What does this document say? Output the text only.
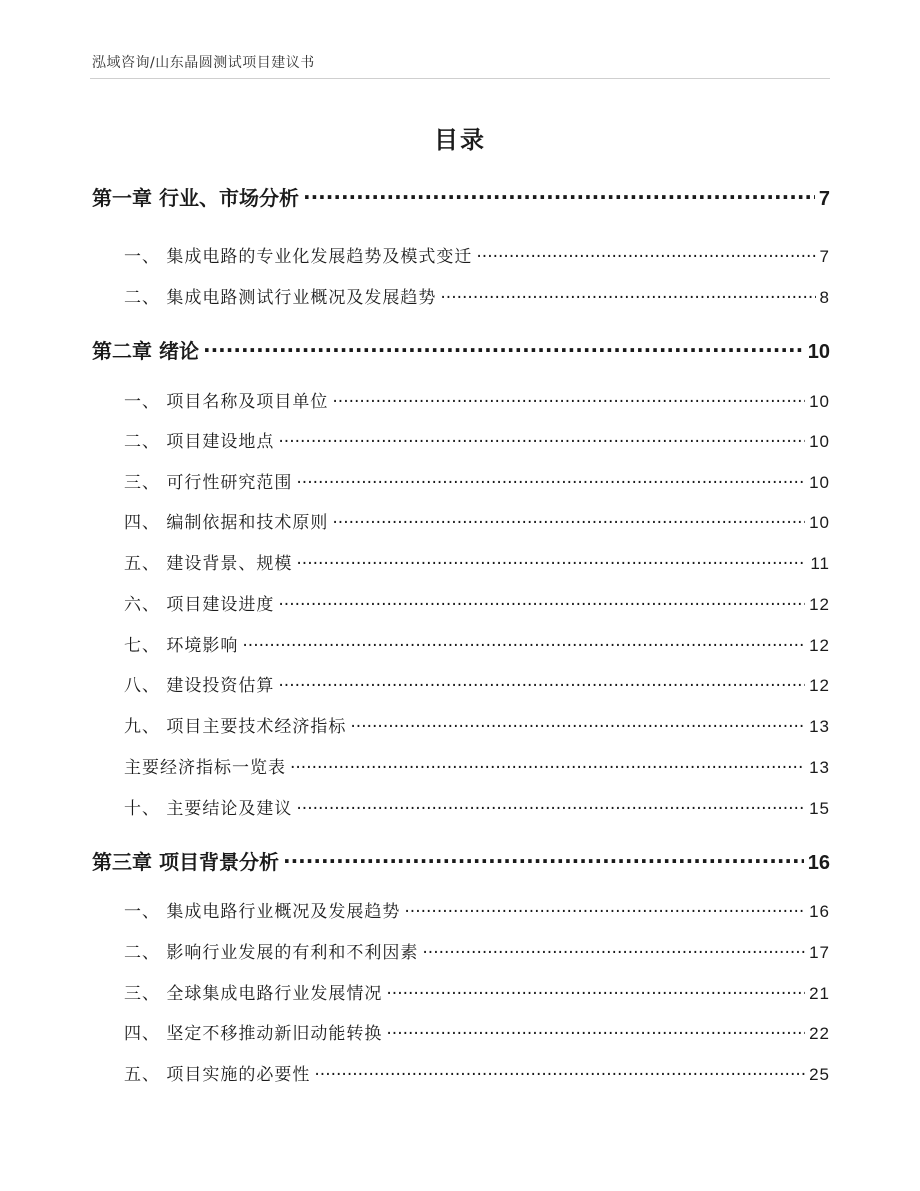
泓域咨询/山东晶圆测试项目建议书
目录
第一章 行业、市场分析 .....	7
一、 集成电路的专业化发展趋势及模式变迁 .....	7
二、 集成电路测试行业概况及发展趋势 .....	8
第二章 绪论 .....	10
一、 项目名称及项目单位 .....	10
二、 项目建设地点 .....	10
三、 可行性研究范围 .....	10
四、 编制依据和技术原则 .....	10
五、 建设背景、规模 .....	11
六、 项目建设进度 .....	12
七、 环境影响 .....	12
八、 建设投资估算 .....	12
九、 项目主要技术经济指标 .....	13
主要经济指标一览表 .....	13
十、 主要结论及建议 .....	15
第三章 项目背景分析 .....	16
一、 集成电路行业概况及发展趋势 .....	16
二、 影响行业发展的有利和不利因素 .....	17
三、 全球集成电路行业发展情况 .....	21
四、 坚定不移推动新旧动能转换 .....	22
五、 项目实施的必要性 .....	25
